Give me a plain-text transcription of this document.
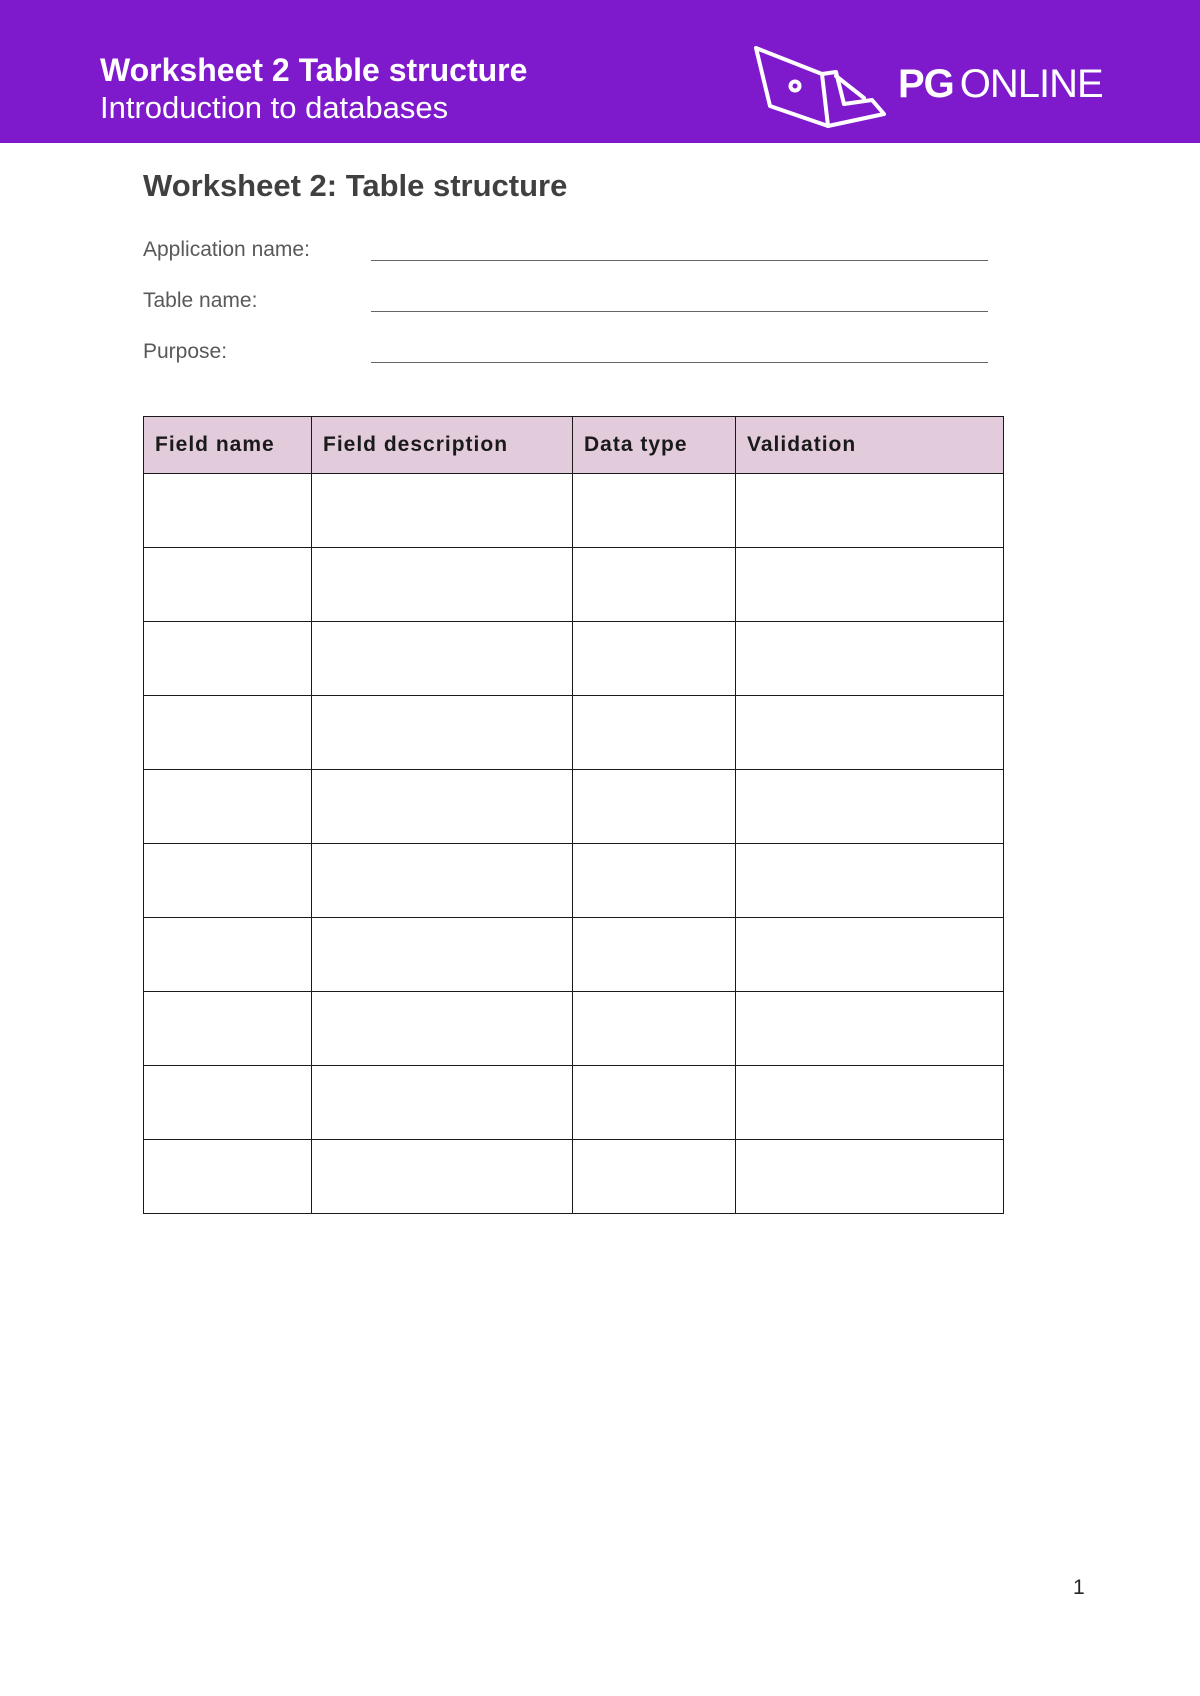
Worksheet 2 Table structure
Introduction to databases
PG ONLINE
Worksheet 2: Table structure
Application name:
Table name:
Purpose:
Field name	Field description	Data type	Validation

1
